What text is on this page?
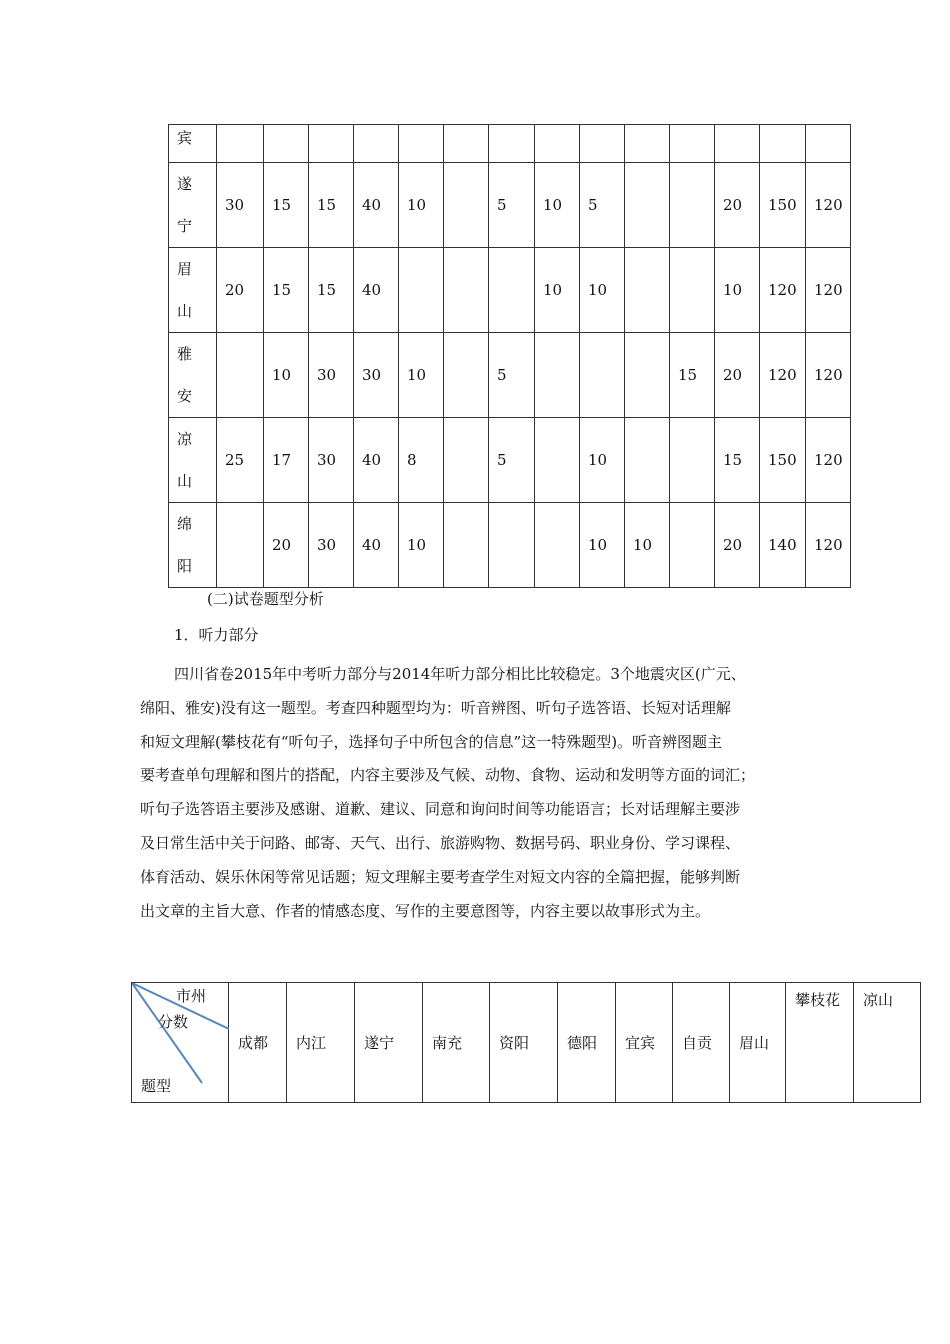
宾														

遂
宁	30	15	15	40	10		5	10	5			20	150	120

眉
山	20	15	15	40				10	10			10	120	120

雅
安		10	30	30	10		5				15	20	120	120

凉
山	25	17	30	40	8		5		10			15	150	120

绵
阳		20	30	40	10				10	10		20	140	120
(二)试卷题型分析
1．听力部分

四川省卷2015年中考听力部分与2014年听力部分相比比较稳定。3个地震灾区(广元、

绵阳、雅安)没有这一题型。考查四种题型均为：听音辨图、听句子选答语、长短对话理解

和短文理解(攀枝花有“听句子，选择句子中所包含的信息”这一特殊题型)。听音辨图题主

要考查单句理解和图片的搭配，内容主要涉及气候、动物、食物、运动和发明等方面的词汇；

听句子选答语主要涉及感谢、道歉、建议、同意和询问时间等功能语言；长对话理解主要涉

及日常生活中关于问路、邮寄、天气、出行、旅游购物、数据号码、职业身份、学习课程、

体育活动、娱乐休闲等常见话题；短文理解主要考查学生对短文内容的全篇把握，能够判断

出文章的主旨大意、作者的情感态度、写作的主要意图等，内容主要以故事形式为主。

市州
分数
题型
	成都	内江	遂宁	南充	资阳	德阳	宜宾	自贡	眉山	攀枝花	凉山
